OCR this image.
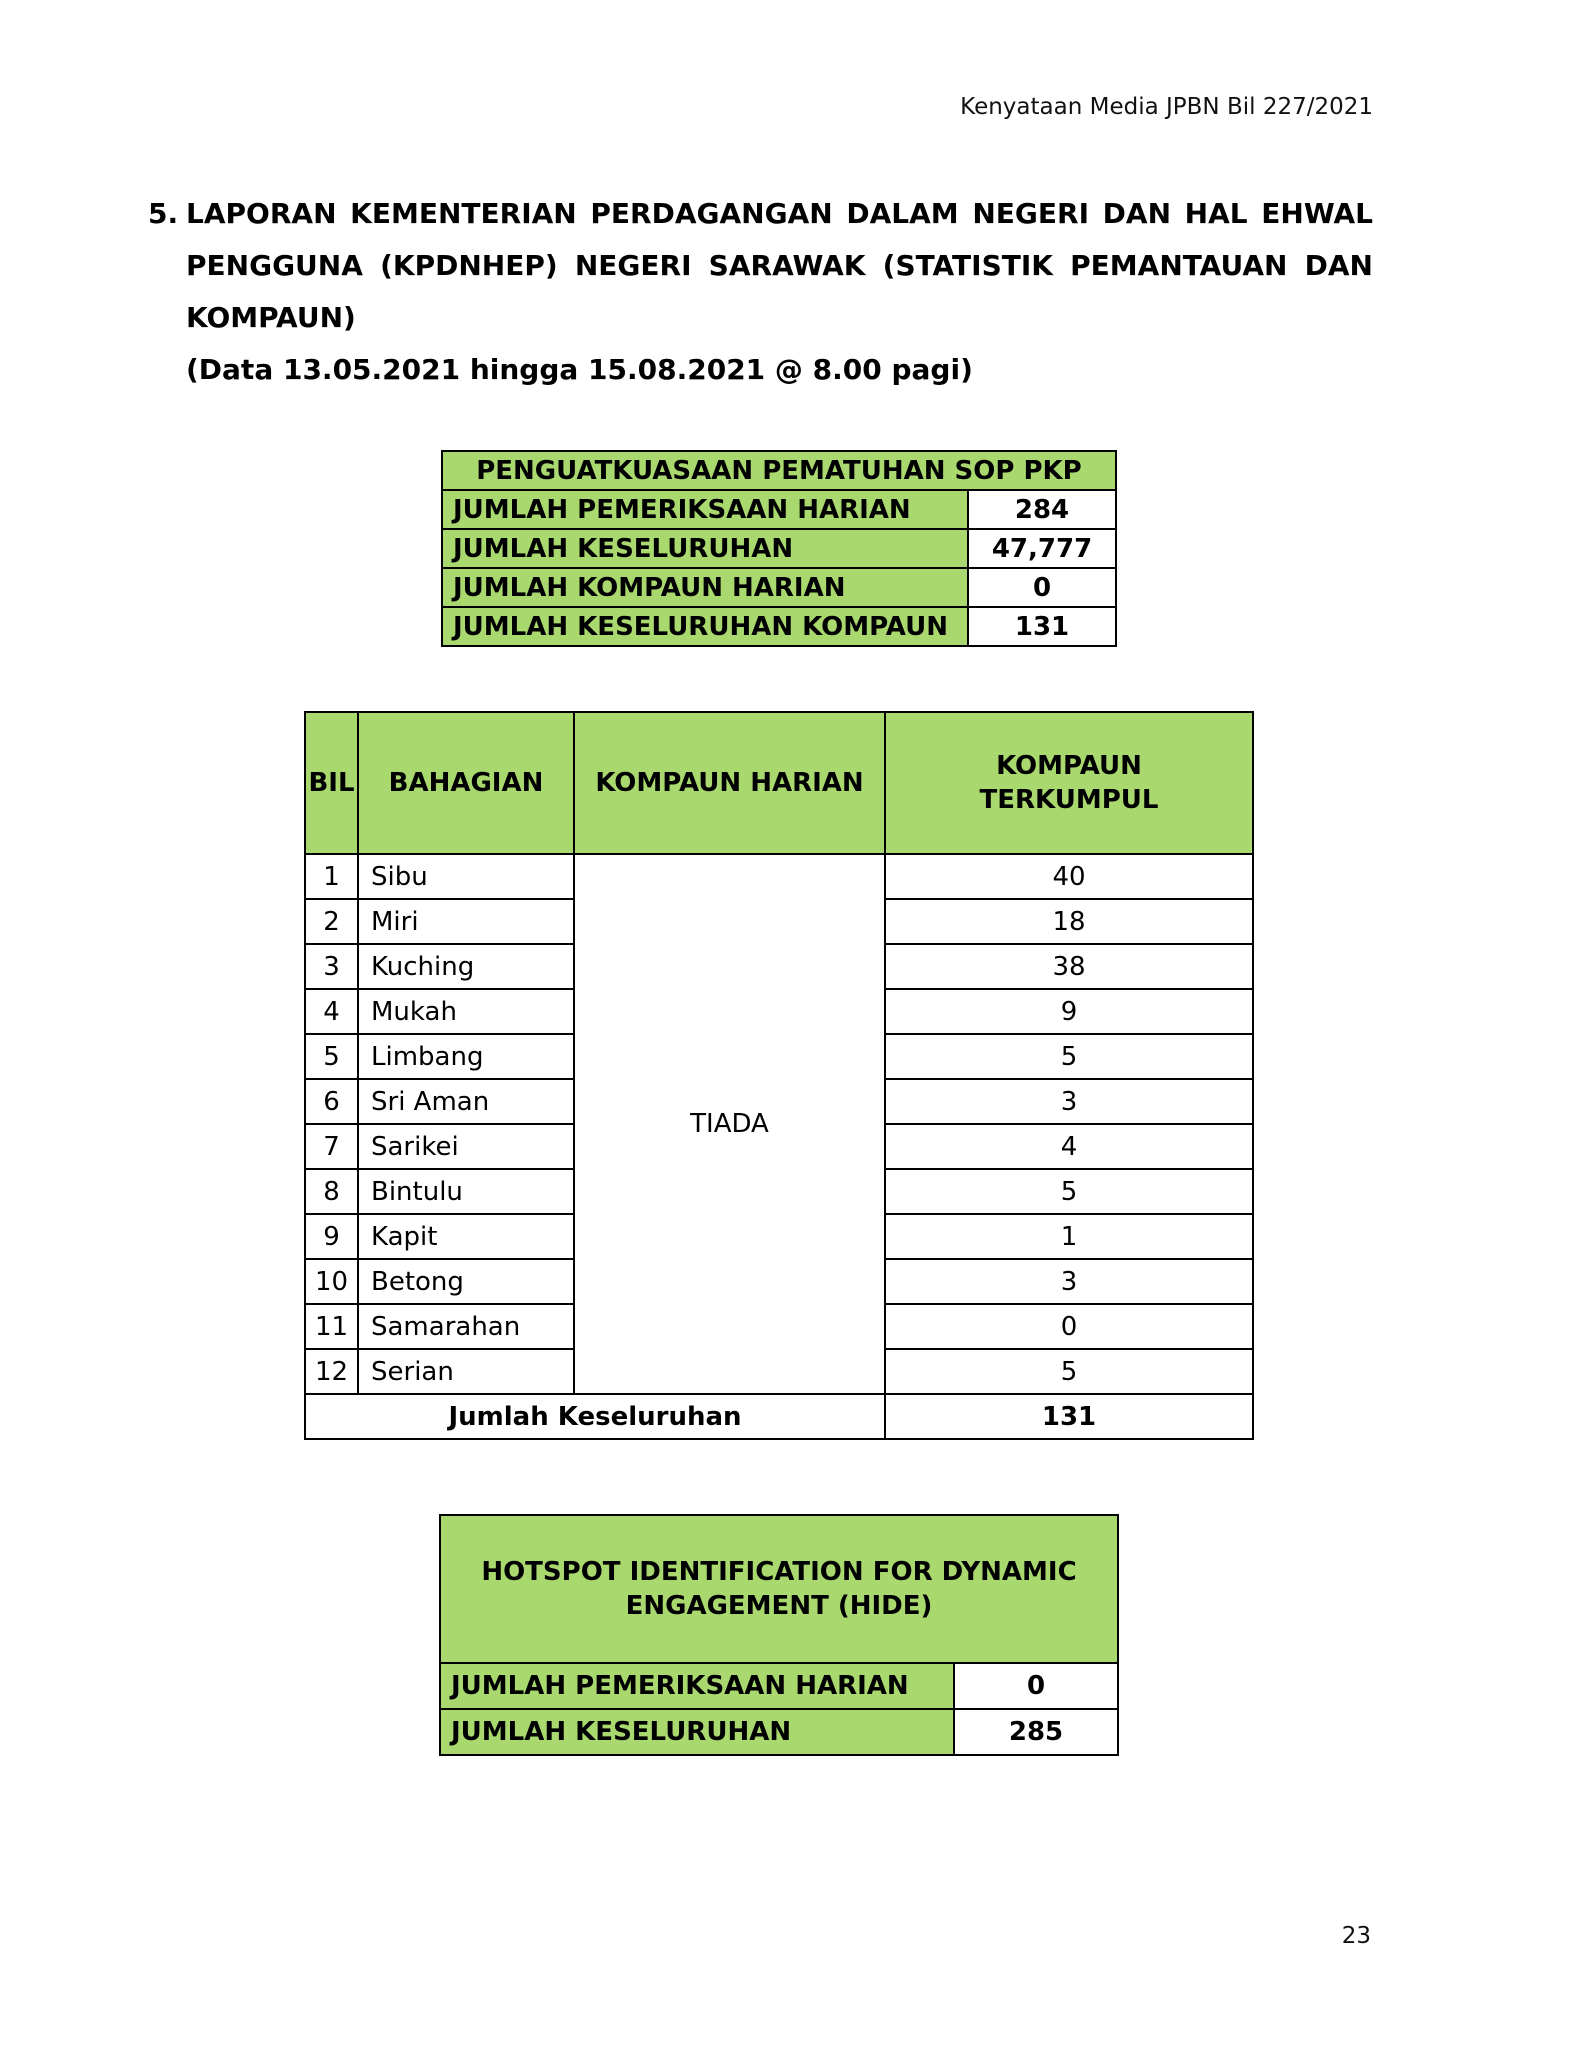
Kenyataan Media JPBN Bil 227/2021
5. LAPORAN KEMENTERIAN PERDAGANGAN DALAM NEGERI DAN HAL EHWAL
PENGGUNA (KPDNHEP) NEGERI SARAWAK (STATISTIK PEMANTAUAN DAN
KOMPAUN)
(Data 13.05.2021 hingga 15.08.2021 @ 8.00 pagi)
PENGUATKUASAAN PEMATUHAN SOP PKP	
JUMLAH PEMERIKSAAN HARIAN	284
JUMLAH KESELURUHAN	47,777
JUMLAH KOMPAUN HARIAN	0
JUMLAH KESELURUHAN KOMPAUN	131
BIL	BAHAGIAN	KOMPAUN HARIAN	KOMPAUN
TERKUMPUL
1	Sibu	TIADA	40
2	Miri		18
3	Kuching		38
4	Mukah		9
5	Limbang		5
6	Sri Aman		3
7	Sarikei		4
8	Bintulu		5
9	Kapit		1
10	Betong		3
11	Samarahan		0
12	Serian		5
Jumlah Keseluruhan			131
HOTSPOT IDENTIFICATION FOR DYNAMIC
ENGAGEMENT (HIDE)	
JUMLAH PEMERIKSAAN HARIAN	0
JUMLAH KESELURUHAN	285
23
